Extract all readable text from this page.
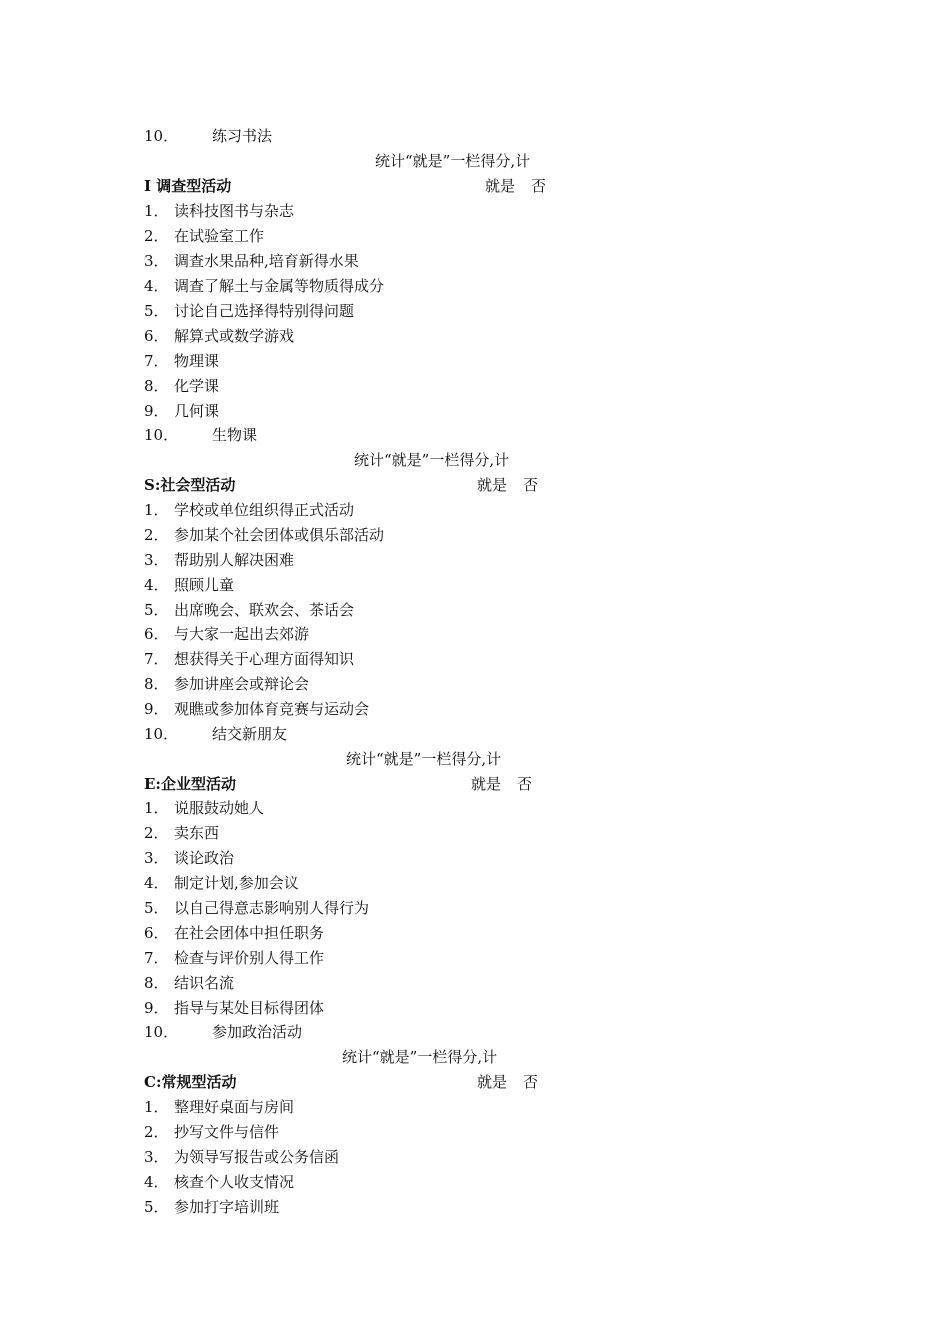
10． 练习书法
统计“就是”一栏得分,计
I 调查型活动	就是 否
1． 读科技图书与杂志
2． 在试验室工作
3． 调查水果品种,培育新得水果
4． 调查了解土与金属等物质得成分
5． 讨论自己选择得特别得问题
6． 解算式或数学游戏
7． 物理课
8． 化学课
9． 几何课
10． 生物课
统计“就是”一栏得分,计
S:社会型活动	就是 否
1． 学校或单位组织得正式活动
2． 参加某个社会团体或俱乐部活动
3． 帮助别人解决困难
4． 照顾儿童
5． 出席晚会、联欢会、茶话会
6． 与大家一起出去郊游
7． 想获得关于心理方面得知识
8． 参加讲座会或辩论会
9． 观瞧或参加体育竞赛与运动会
10． 结交新朋友
统计“就是”一栏得分,计
E:企业型活动	就是 否
1． 说服鼓动她人
2． 卖东西
3． 谈论政治
4． 制定计划,参加会议
5． 以自己得意志影响别人得行为
6． 在社会团体中担任职务
7． 检查与评价别人得工作
8． 结识名流
9． 指导与某处目标得团体
10． 参加政治活动
统计“就是”一栏得分,计
C:常规型活动	就是 否
1． 整理好桌面与房间
2． 抄写文件与信件
3． 为领导写报告或公务信函
4． 核查个人收支情况
5． 参加打字培训班
